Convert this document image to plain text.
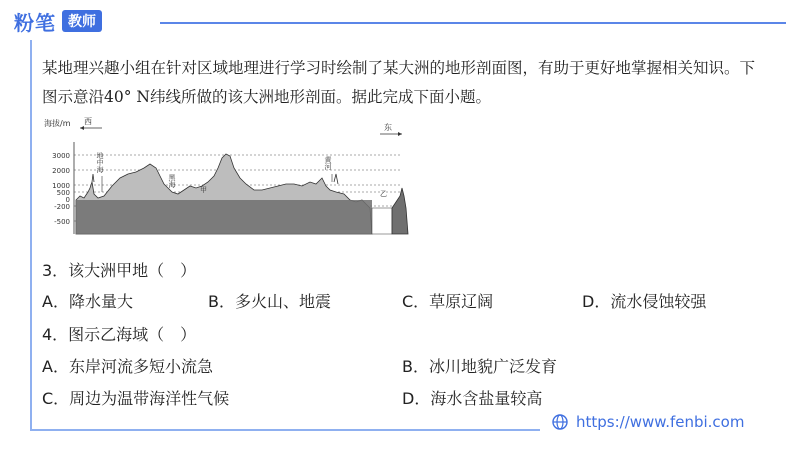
粉笔 教师
某地理兴趣小组在针对区域地理进行学习时绘制了某大洲的地形剖面图，有助于更好地掌握相关知识。下图示意沿40° N纬线所做的该大洲地形剖面。据此完成下面小题。
海拔/m 西
东
3000
2000
1000
500
0
-200
-500
地中海
黑海
甲
黄河
乙
3．该大洲甲地（　）
A．降水量大	B．多火山、地震	C．草原辽阔	D．流水侵蚀较强
4．图示乙海域（　）
A．东岸河流多短小流急	B．冰川地貌广泛发育
C．周边为温带海洋性气候	D．海水含盐量较高
https://www.fenbi.com
